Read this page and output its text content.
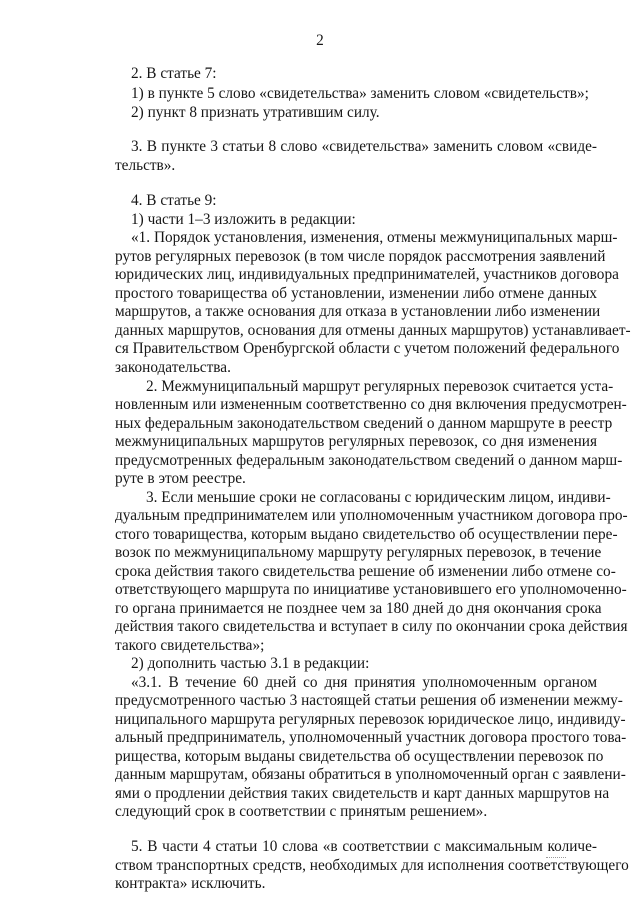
2
2. В статье 7:
1) в пункте 5 слово «свидетельства» заменить словом «свидетельств»;
2) пункт 8 признать утратившим силу.
3. В пункте 3 статьи 8 слово «свидетельства» заменить словом «свиде-
тельств».
4. В статье 9:
1) части 1–3 изложить в редакции:
«1. Порядок установления, изменения, отмены межмуниципальных марш-
рутов регулярных перевозок (в том числе порядок рассмотрения заявлений
юридических лиц, индивидуальных предпринимателей, участников договора
простого товарищества об установлении, изменении либо отмене данных
маршрутов, а также основания для отказа в установлении либо изменении
данных маршрутов, основания для отмены данных маршрутов) устанавливает-
ся Правительством Оренбургской области с учетом положений федерального
законодательства.
2. Межмуниципальный маршрут регулярных перевозок считается уста-
новленным или измененным соответственно со дня включения предусмотрен-
ных федеральным законодательством сведений о данном маршруте в реестр
межмуниципальных маршрутов регулярных перевозок, со дня изменения
предусмотренных федеральным законодательством сведений о данном марш-
руте в этом реестре.
3. Если меньшие сроки не согласованы с юридическим лицом, индиви-
дуальным предпринимателем или уполномоченным участником договора про-
стого товарищества, которым выдано свидетельство об осуществлении пере-
возок по межмуниципальному маршруту регулярных перевозок, в течение
срока действия такого свидетельства решение об изменении либо отмене со-
ответствующего маршрута по инициативе установившего его уполномоченно-
го органа принимается не позднее чем за 180 дней до дня окончания срока
действия такого свидетельства и вступает в силу по окончании срока действия
такого свидетельства»;
2) дополнить частью 3.1 в редакции:
«3.1. В течение 60 дней со дня принятия уполномоченным органом
предусмотренного частью 3 настоящей статьи решения об изменении межму-
ниципального маршрута регулярных перевозок юридическое лицо, индивиду-
альный предприниматель, уполномоченный участник договора простого това-
рищества, которым выданы свидетельства об осуществлении перевозок по
данным маршрутам, обязаны обратиться в уполномоченный орган с заявлени-
ями о продлении действия таких свидетельств и карт данных маршрутов на
следующий срок в соответствии с принятым решением».
5. В части 4 статьи 10 слова «в соответствии с максимальным количе-
ством транспортных средств, необходимых для исполнения соответствующего
контракта» исключить.
